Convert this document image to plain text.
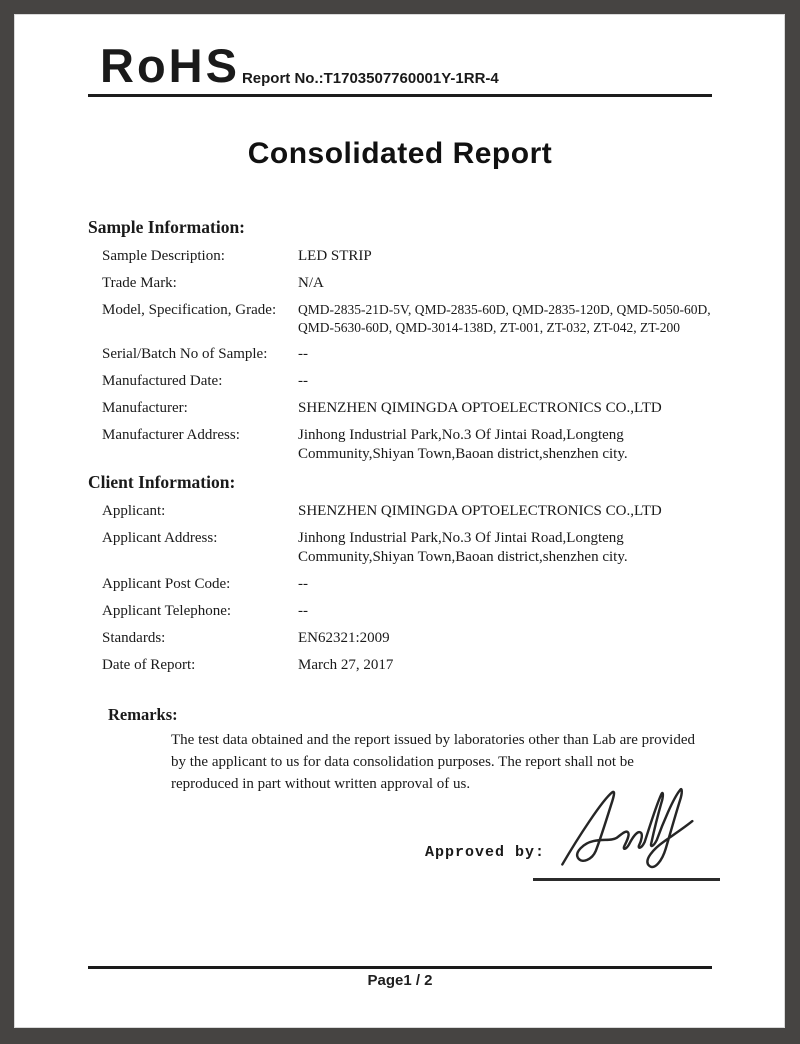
RoHS Report No.:T1703507760001Y-1RR-4
Consolidated Report
Sample Information:
Sample Description:	LED STRIP
Trade Mark:	N/A
Model, Specification, Grade:	QMD-2835-21D-5V, QMD-2835-60D, QMD-2835-120D, QMD-5050-60D, QMD-5630-60D, QMD-3014-138D, ZT-001, ZT-032, ZT-042, ZT-200
Serial/Batch No of Sample:	--
Manufactured Date:	--
Manufacturer:	SHENZHEN QIMINGDA OPTOELECTRONICS CO.,LTD
Manufacturer Address:	Jinhong Industrial Park,No.3 Of Jintai Road,Longteng Community,Shiyan Town,Baoan district,shenzhen city.
Client Information:
Applicant:	SHENZHEN QIMINGDA OPTOELECTRONICS CO.,LTD
Applicant Address:	Jinhong Industrial Park,No.3 Of Jintai Road,Longteng Community,Shiyan Town,Baoan district,shenzhen city.
Applicant Post Code:	--
Applicant Telephone:	--
Standards:	EN62321:2009
Date of Report:	March 27, 2017
Remarks:
The test data obtained and the report issued by laboratories other than Lab are provided by the applicant to us for data consolidation purposes. The report shall not be reproduced in part without written approval of us.
Approved by:
Page1 / 2
